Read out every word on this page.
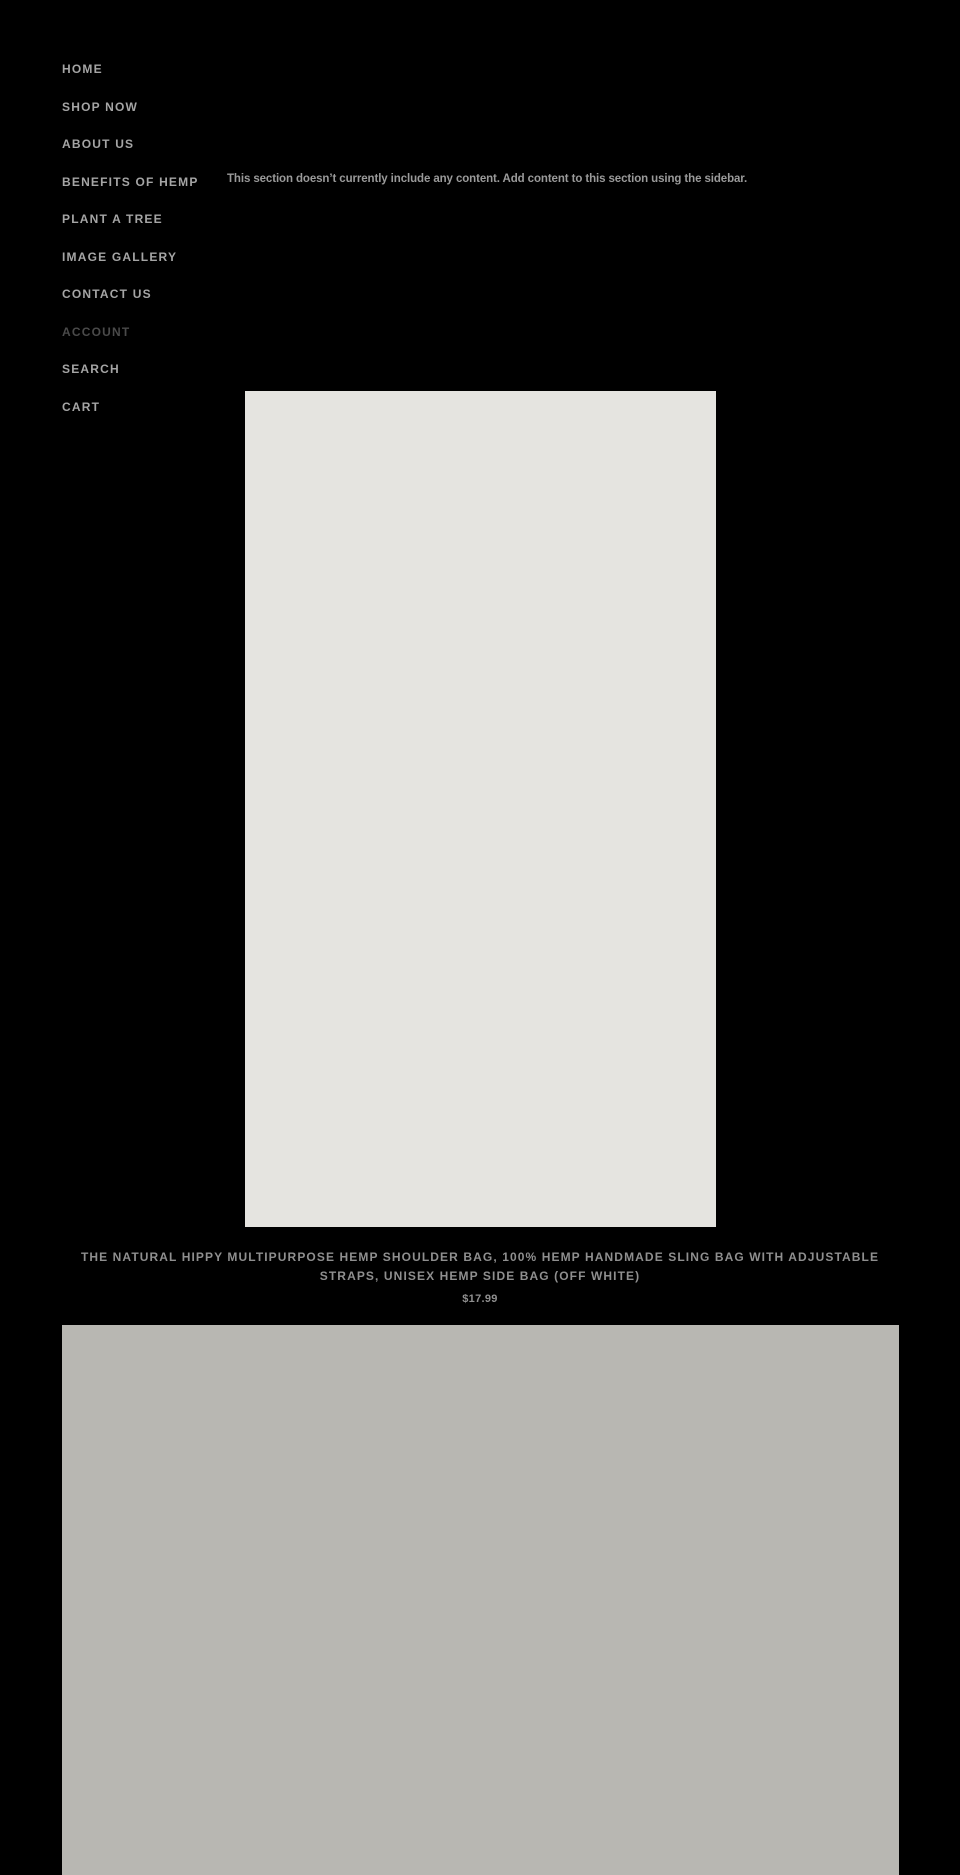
HOME
SHOP NOW
ABOUT US
BENEFITS OF HEMP
PLANT A TREE
IMAGE GALLERY
CONTACT US
ACCOUNT
SEARCH
CART
This section doesn’t currently include any content. Add content to this section using the sidebar.
THE NATURAL HIPPY MULTIPURPOSE HEMP SHOULDER BAG, 100% HEMP HANDMADE SLING BAG WITH ADJUSTABLE STRAPS, UNISEX HEMP SIDE BAG (OFF WHITE)
$17.99
